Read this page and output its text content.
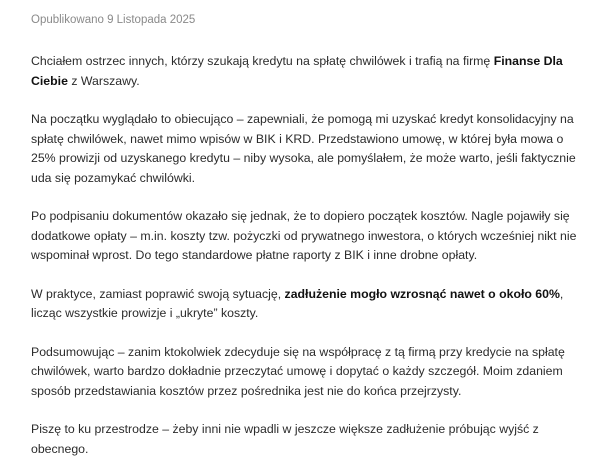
Opublikowano 9 Listopada 2025

Chciałem ostrzec innych, którzy szukają kredytu na spłatę chwilówek i trafią na firmę Finanse Dla Ciebie z Warszawy.

Na początku wyglądało to obiecująco – zapewniali, że pomogą mi uzyskać kredyt konsolidacyjny na spłatę chwilówek, nawet mimo wpisów w BIK i KRD. Przedstawiono umowę, w której była mowa o 25% prowizji od uzyskanego kredytu – niby wysoka, ale pomyślałem, że może warto, jeśli faktycznie uda się pozamykać chwilówki.

Po podpisaniu dokumentów okazało się jednak, że to dopiero początek kosztów. Nagle pojawiły się dodatkowe opłaty – m.in. koszty tzw. pożyczki od prywatnego inwestora, o których wcześniej nikt nie wspominał wprost. Do tego standardowe płatne raporty z BIK i inne drobne opłaty.

W praktyce, zamiast poprawić swoją sytuację, zadłużenie mogło wzrosnąć nawet o około 60%, licząc wszystkie prowizje i „ukryte” koszty.

Podsumowując – zanim ktokolwiek zdecyduje się na współpracę z tą firmą przy kredycie na spłatę chwilówek, warto bardzo dokładnie przeczytać umowę i dopytać o każdy szczegół. Moim zdaniem sposób przedstawiania kosztów przez pośrednika jest nie do końca przejrzysty.

Piszę to ku przestrodze – żeby inni nie wpadli w jeszcze większe zadłużenie próbując wyjść z obecnego.
